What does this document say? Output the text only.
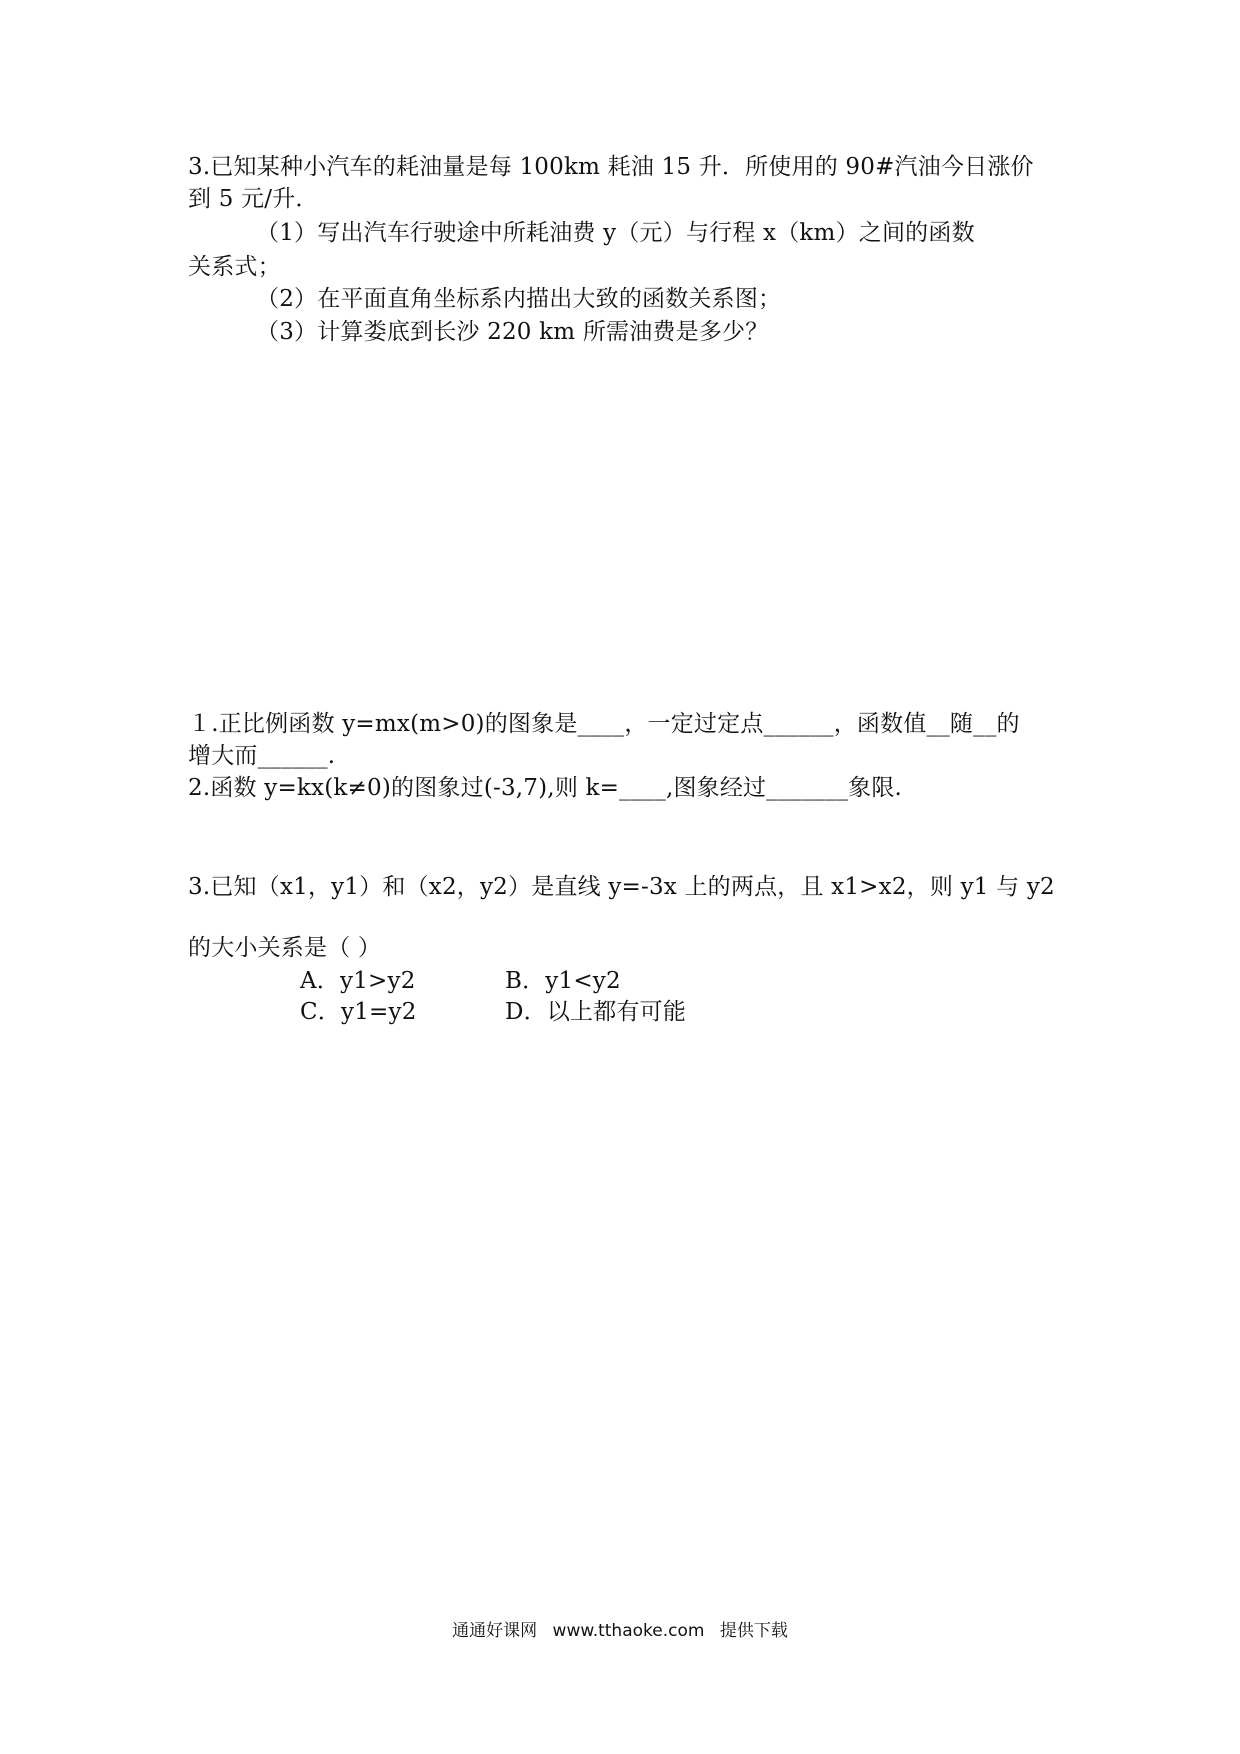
3.已知某种小汽车的耗油量是每 100km 耗油 15 升．所使用的 90#汽油今日涨价
到 5 元/升．
（1）写出汽车行驶途中所耗油费 y（元）与行程 x（km）之间的函数
关系式；
（2）在平面直角坐标系内描出大致的函数关系图；
（3）计算娄底到长沙 220 km 所需油费是多少？
１.正比例函数 y=mx(m>0)的图象是____，一定过定点______，函数值__随__的
增大而______.
2.函数 y=kx(k≠0)的图象过(-3,7),则 k=____,图象经过_______象限.
3.已知（x1，y1）和（x2，y2）是直线 y=-3x 上的两点，且 x1>x2，则 y1 与 y2
的大小关系是（ ）
A．y1>y2	B．y1<y2
C．y1=y2	D．以上都有可能
通通好课网 www.tthaoke.com 提供下载
